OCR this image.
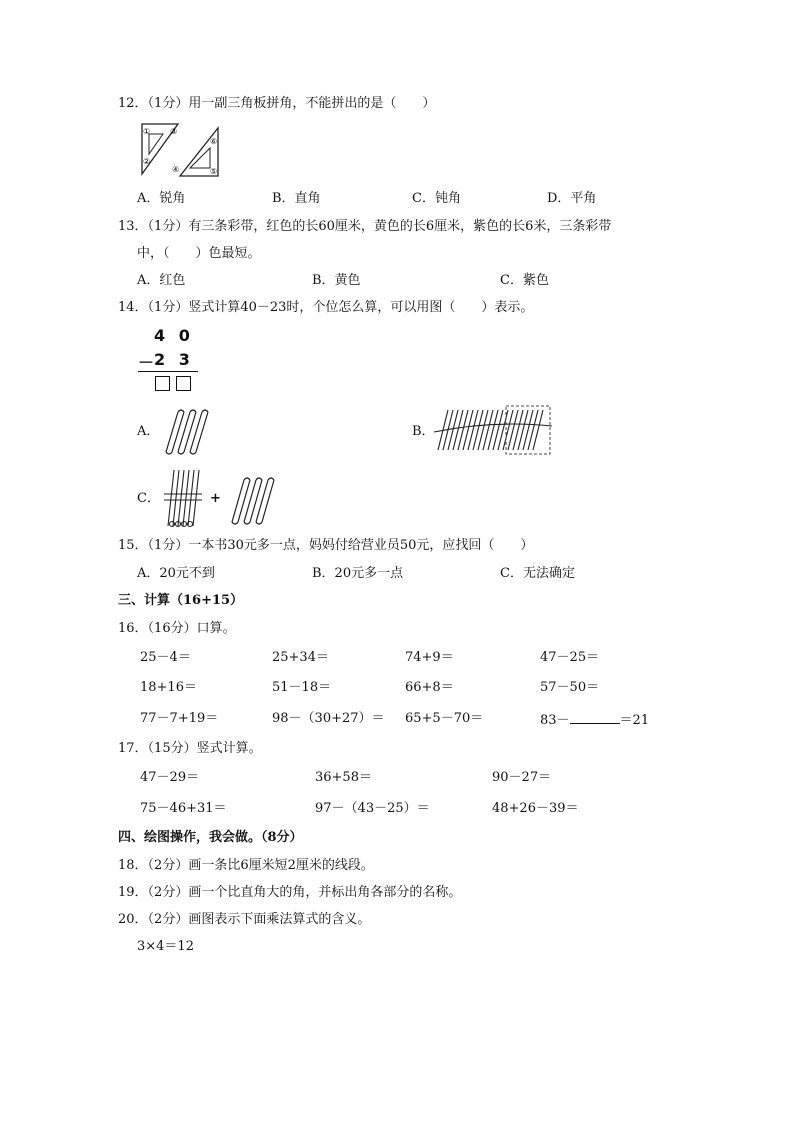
12．（1分）用一副三角板拼角，不能拼出的是（　　）
①
②
③
④	⑤
⑥
A．锐角	B．直角	C．钝角	D．平角
13．（1分）有三条彩带，红色的长60厘米，黄色的长6厘米，紫色的长6米，三条彩带
中，（　　）色最短。
A．红色	B．黄色	C．紫色
14．（1分）竖式计算40－23时，个位怎么算，可以用图（　　）表示。
4 0
－ 2 3
A．	B．
C．	+
15．（1分）一本书30元多一点，妈妈付给营业员50元，应找回（　　）
A．20元不到	B．20元多一点	C．无法确定
三、计算（16+15）
16．（16分）口算。
25－4＝	25+34＝	74+9＝	47－25＝
18+16＝	51－18＝	66+8＝	57－50＝
77－7+19＝	98－（30+27）＝ 65+5－70＝	83－	＝21
17．（15分）竖式计算。
47－29＝	36+58＝	90－27＝
75－46+31＝	97－（43－25）＝	48+26－39＝
四、绘图操作，我会做。（8分）
18．（2分）画一条比6厘米短2厘米的线段。
19．（2分）画一个比直角大的角，并标出角各部分的名称。
20．（2分）画图表示下面乘法算式的含义。
3×4＝12
